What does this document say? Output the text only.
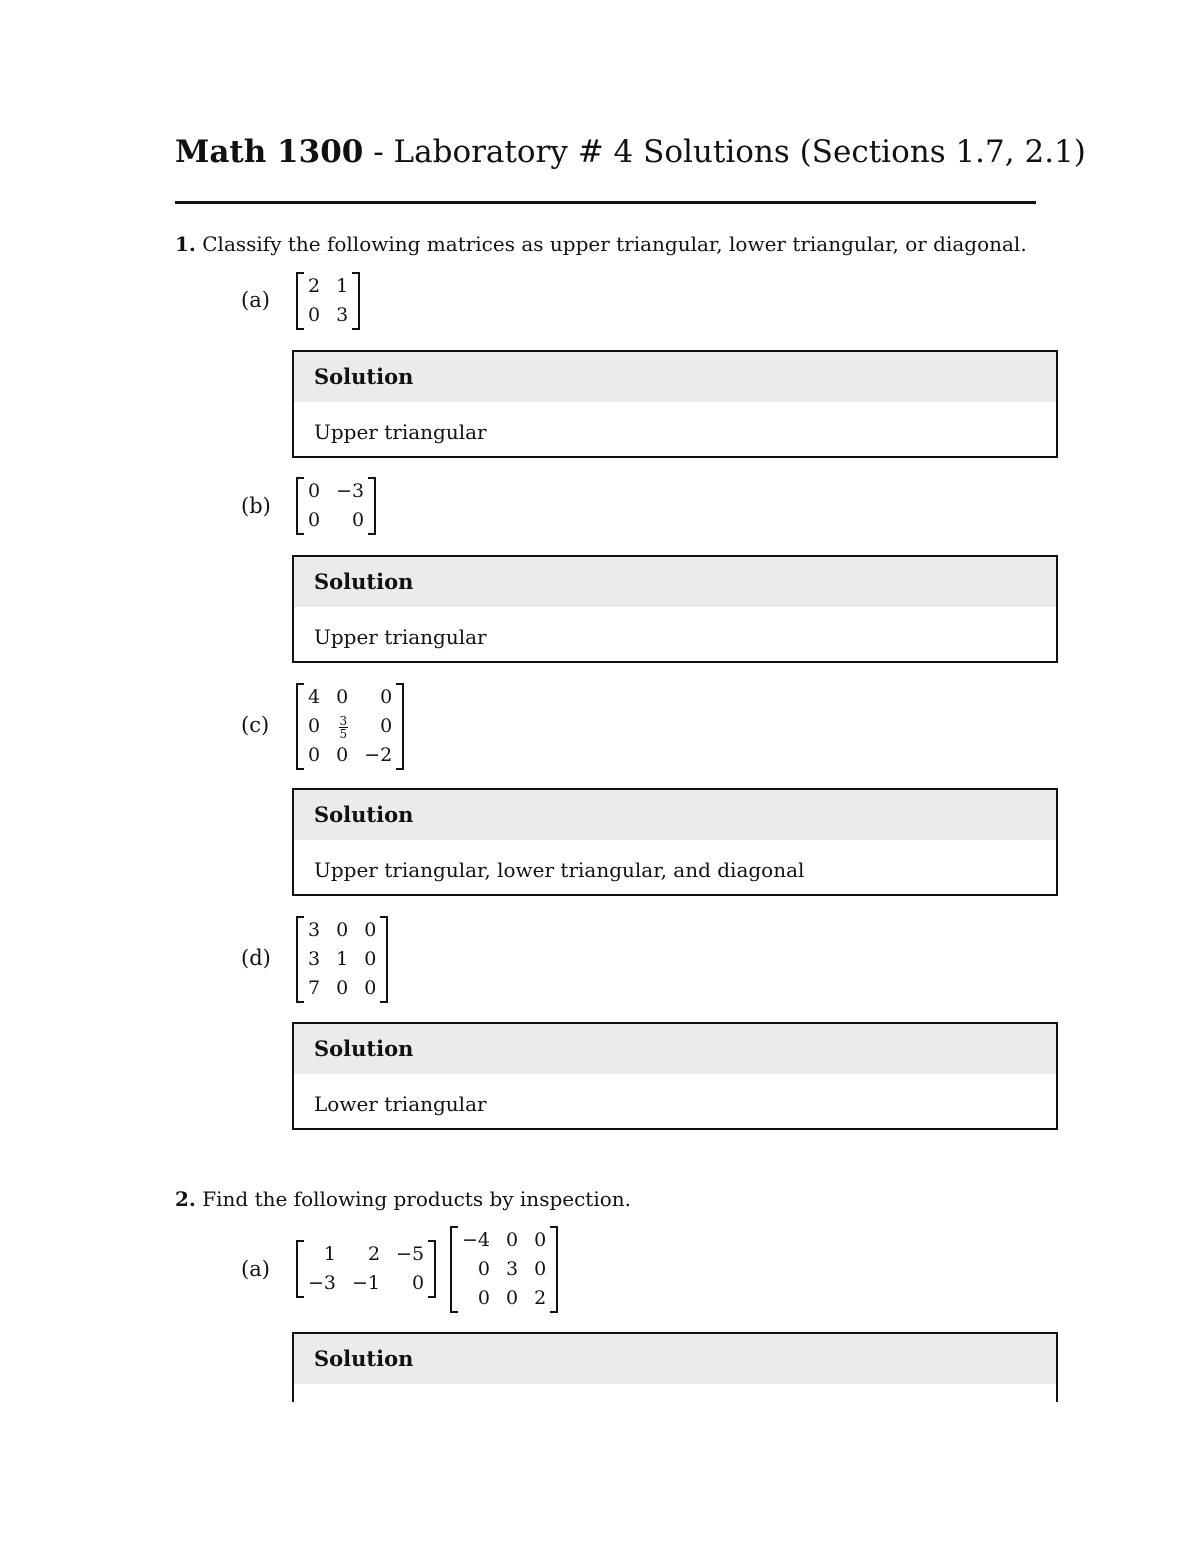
Math 1300 - Laboratory # 4 Solutions (Sections 1.7, 2.1)
1. Classify the following matrices as upper triangular, lower triangular, or diagonal.
(a)
2	1
0	3
Solution
Upper triangular
(b)
0	−3
0	0
Solution
Upper triangular
(c)
4	0	0
0	$\frac{3}{5}$	0
0	0	−2
Solution
Upper triangular, lower triangular, and diagonal
(d)
3	0	0
3	1	0
7	0	0
Solution
Lower triangular
2. Find the following products by inspection.
(a)
1	2	−5
−3	−1	0
−4	0	0
0	3	0
0	0	2
Solution
